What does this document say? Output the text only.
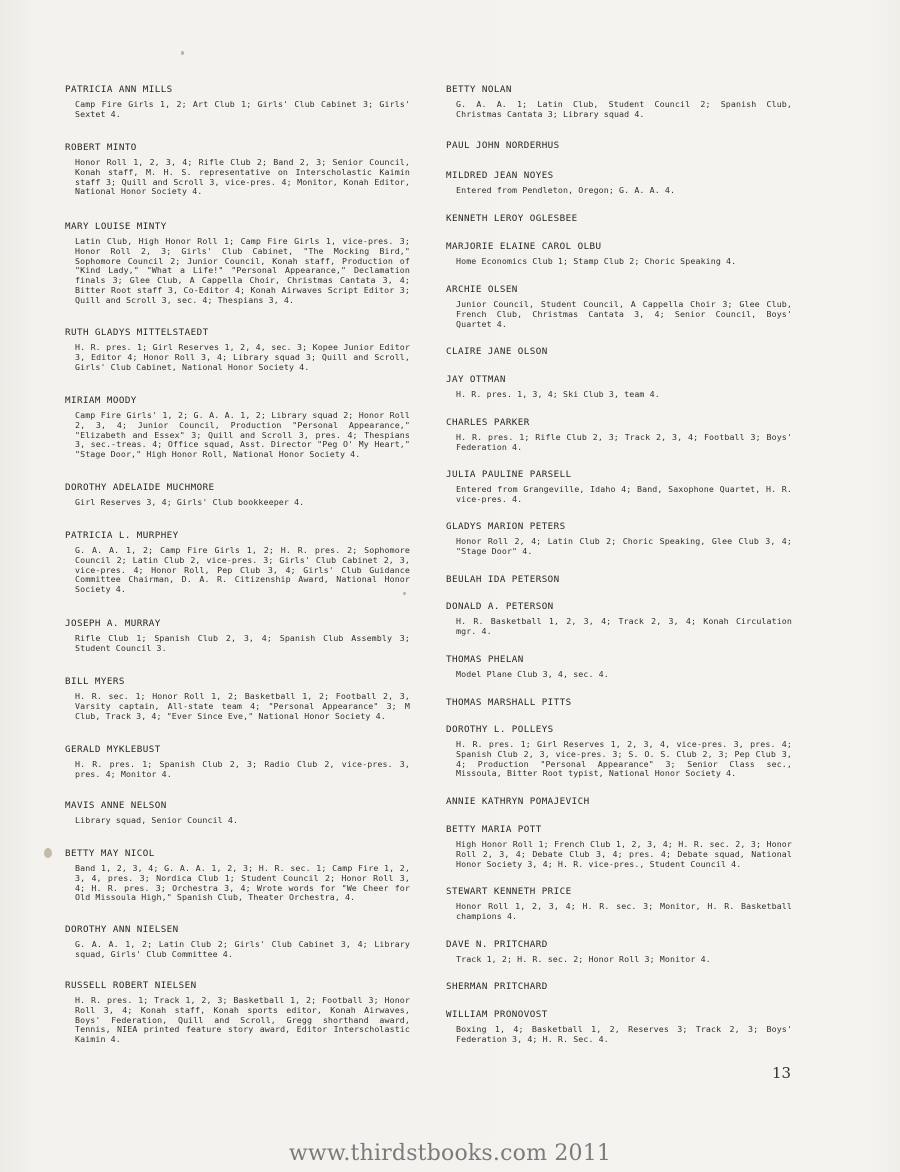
PATRICIA ANN MILLS
Camp Fire Girls 1, 2; Art Club 1; Girls' Club Cabinet 3; Girls' Sextet 4.
ROBERT MINTO
Honor Roll 1, 2, 3, 4; Rifle Club 2; Band 2, 3; Senior Council, Konah staff, M. H. S. representative on Interscholastic Kaimin staff 3; Quill and Scroll 3, vice-pres. 4; Monitor, Konah Editor, National Honor Society 4.
MARY LOUISE MINTY
Latin Club, High Honor Roll 1; Camp Fire Girls 1, vice-pres. 3; Honor Roll 2, 3; Girls' Club Cabinet, "The Mocking Bird," Sophomore Council 2; Junior Council, Konah staff, Production of "Kind Lady," "What a Life!" "Personal Appearance," Declamation finals 3; Glee Club, A Cappella Choir, Christmas Cantata 3, 4; Bitter Root staff 3, Co-Editor 4; Konah Airwaves Script Editor 3; Quill and Scroll 3, sec. 4; Thespians 3, 4.
RUTH GLADYS MITTELSTAEDT
H. R. pres. 1; Girl Reserves 1, 2, 4, sec. 3; Kopee Junior Editor 3, Editor 4; Honor Roll 3, 4; Library squad 3; Quill and Scroll, Girls' Club Cabinet, National Honor Society 4.
MIRIAM MOODY
Camp Fire Girls' 1, 2; G. A. A. 1, 2; Library squad 2; Honor Roll 2, 3, 4; Junior Council, Production "Personal Appearance," "Elizabeth and Essex" 3; Quill and Scroll 3, pres. 4; Thespians 3, sec.-treas. 4; Office squad, Asst. Director "Peg O' My Heart," "Stage Door," High Honor Roll, National Honor Society 4.
DOROTHY ADELAIDE MUCHMORE
Girl Reserves 3, 4; Girls' Club bookkeeper 4.
PATRICIA L. MURPHEY
G. A. A. 1, 2; Camp Fire Girls 1, 2; H. R. pres. 2; Sophomore Council 2; Latin Club 2, vice-pres. 3; Girls' Club Cabinet 2, 3, vice-pres. 4; Honor Roll, Pep Club 3, 4; Girls' Club Guidance Committee Chairman, D. A. R. Citizenship Award, National Honor Society 4.
JOSEPH A. MURRAY
Rifle Club 1; Spanish Club 2, 3, 4; Spanish Club Assembly 3; Student Council 3.
BILL MYERS
H. R. sec. 1; Honor Roll 1, 2; Basketball 1, 2; Football 2, 3, Varsity captain, All-state team 4; "Personal Appearance" 3; M Club, Track 3, 4; "Ever Since Eve," National Honor Society 4.
GERALD MYKLEBUST
H. R. pres. 1; Spanish Club 2, 3; Radio Club 2, vice-pres. 3, pres. 4; Monitor 4.
MAVIS ANNE NELSON
Library squad, Senior Council 4.
BETTY MAY NICOL
Band 1, 2, 3, 4; G. A. A. 1, 2, 3; H. R. sec. 1; Camp Fire 1, 2, 3, 4, pres. 3; Nordica Club 1; Student Council 2; Honor Roll 3, 4; H. R. pres. 3; Orchestra 3, 4; Wrote words for "We Cheer for Old Missoula High," Spanish Club, Theater Orchestra, 4.
DOROTHY ANN NIELSEN
G. A. A. 1, 2; Latin Club 2; Girls' Club Cabinet 3, 4; Library squad, Girls' Club Committee 4.
RUSSELL ROBERT NIELSEN
H. R. pres. 1; Track 1, 2, 3; Basketball 1, 2; Football 3; Honor Roll 3, 4; Konah staff, Konah sports editor, Konah Airwaves, Boys' Federation, Quill and Scroll, Gregg shorthand award, Tennis, NIEA printed feature story award, Editor Interscholastic Kaimin 4.
BETTY NOLAN
G. A. A. 1; Latin Club, Student Council 2; Spanish Club, Christmas Cantata 3; Library squad 4.
PAUL JOHN NORDERHUS
MILDRED JEAN NOYES
Entered from Pendleton, Oregon; G. A. A. 4.
KENNETH LEROY OGLESBEE
MARJORIE ELAINE CAROL OLBU
Home Economics Club 1; Stamp Club 2; Choric Speaking 4.
ARCHIE OLSEN
Junior Council, Student Council, A Cappella Choir 3; Glee Club, French Club, Christmas Cantata 3, 4; Senior Council, Boys' Quartet 4.
CLAIRE JANE OLSON
JAY OTTMAN
H. R. pres. 1, 3, 4; Ski Club 3, team 4.
CHARLES PARKER
H. R. pres. 1; Rifle Club 2, 3; Track 2, 3, 4; Football 3; Boys' Federation 4.
JULIA PAULINE PARSELL
Entered from Grangeville, Idaho 4; Band, Saxophone Quartet, H. R. vice-pres. 4.
GLADYS MARION PETERS
Honor Roll 2, 4; Latin Club 2; Choric Speaking, Glee Club 3, 4; "Stage Door" 4.
BEULAH IDA PETERSON
DONALD A. PETERSON
H. R. Basketball 1, 2, 3, 4; Track 2, 3, 4; Konah Circulation mgr. 4.
THOMAS PHELAN
Model Plane Club 3, 4, sec. 4.
THOMAS MARSHALL PITTS
DOROTHY L. POLLEYS
H. R. pres. 1; Girl Reserves 1, 2, 3, 4, vice-pres. 3, pres. 4; Spanish Club 2, 3, vice-pres. 3; S. O. S. Club 2, 3; Pep Club 3, 4; Production "Personal Appearance" 3; Senior Class sec., Missoula, Bitter Root typist, National Honor Society 4.
ANNIE KATHRYN POMAJEVICH
BETTY MARIA POTT
High Honor Roll 1; French Club 1, 2, 3, 4; H. R. sec. 2, 3; Honor Roll 2, 3, 4; Debate Club 3, 4; pres. 4; Debate squad, National Honor Society 3, 4; H. R. vice-pres., Student Council 4.
STEWART KENNETH PRICE
Honor Roll 1, 2, 3, 4; H. R. sec. 3; Monitor, H. R. Basketball champions 4.
DAVE N. PRITCHARD
Track 1, 2; H. R. sec. 2; Honor Roll 3; Monitor 4.
SHERMAN PRITCHARD
WILLIAM PRONOVOST
Boxing 1, 4; Basketball 1, 2, Reserves 3; Track 2, 3; Boys' Federation 3, 4; H. R. Sec. 4.
13
www.thirdstbooks.com 2011
